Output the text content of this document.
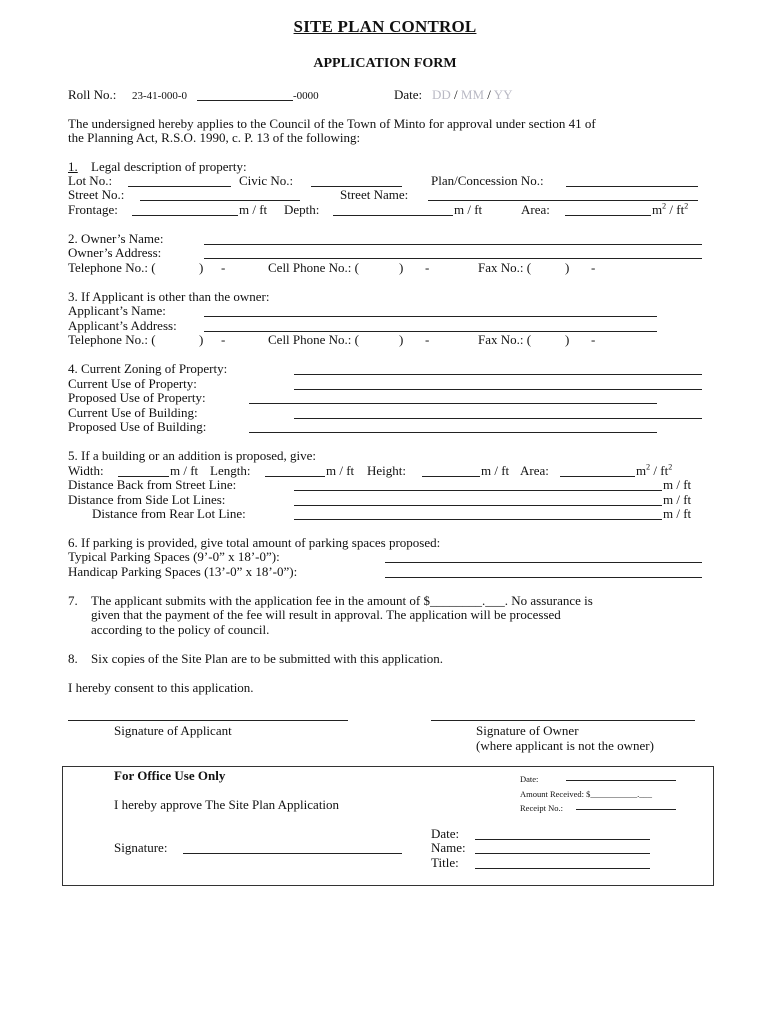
SITE PLAN CONTROL
APPLICATION FORM
Roll No.: 23-41-000-0	-0000	Date: DD / MM / YY
The undersigned hereby applies to the Council of the Town of Minto for approval under section 41 of
the Planning Act, R.S.O. 1990, c. P. 13 of the following:
1. Legal description of property:
Lot No.:	Civic No.:	Plan/Concession No.:
Street No.:	Street Name:
Frontage:	m / ft Depth:	m / ft	Area:	$m^2 / ft^2$
2. Owner’s Name:
Owner’s Address:
Telephone No.: (	) -	Cell Phone No.: (	) -	Fax No.: (	) -
3. If Applicant is other than the owner:
Applicant’s Name:
Applicant’s Address:
Telephone No.: (	) -	Cell Phone No.: (	) -	Fax No.: (	) -
4. Current Zoning of Property:
Current Use of Property:
Proposed Use of Property:
Current Use of Building:
Proposed Use of Building:
5. If a building or an addition is proposed, give:
Width:	m / ft Length:	m / ft Height:	m / ft Area:	$m^2 / ft^2$
Distance Back from Street Line:	m / ft
Distance from Side Lot Lines:	m / ft
Distance from Rear Lot Line:	m / ft
6. If parking is provided, give total amount of parking spaces proposed:
Typical Parking Spaces (9’-0” x 18’-0”):
Handicap Parking Spaces (13’-0” x 18’-0”):
7. The applicant submits with the application fee in the amount of $________.___. No assurance is
given that the payment of the fee will result in approval. The application will be processed
according to the policy of council.
8. Six copies of the Site Plan are to be submitted with this application.
I hereby consent to this application.
Signature of Applicant	Signature of Owner
(where applicant is not the owner)
For Office Use Only
I hereby approve The Site Plan Application
Date:
Amount Received: $___________.___
Receipt No.:
Signature:
Date:
Name:
Title:
